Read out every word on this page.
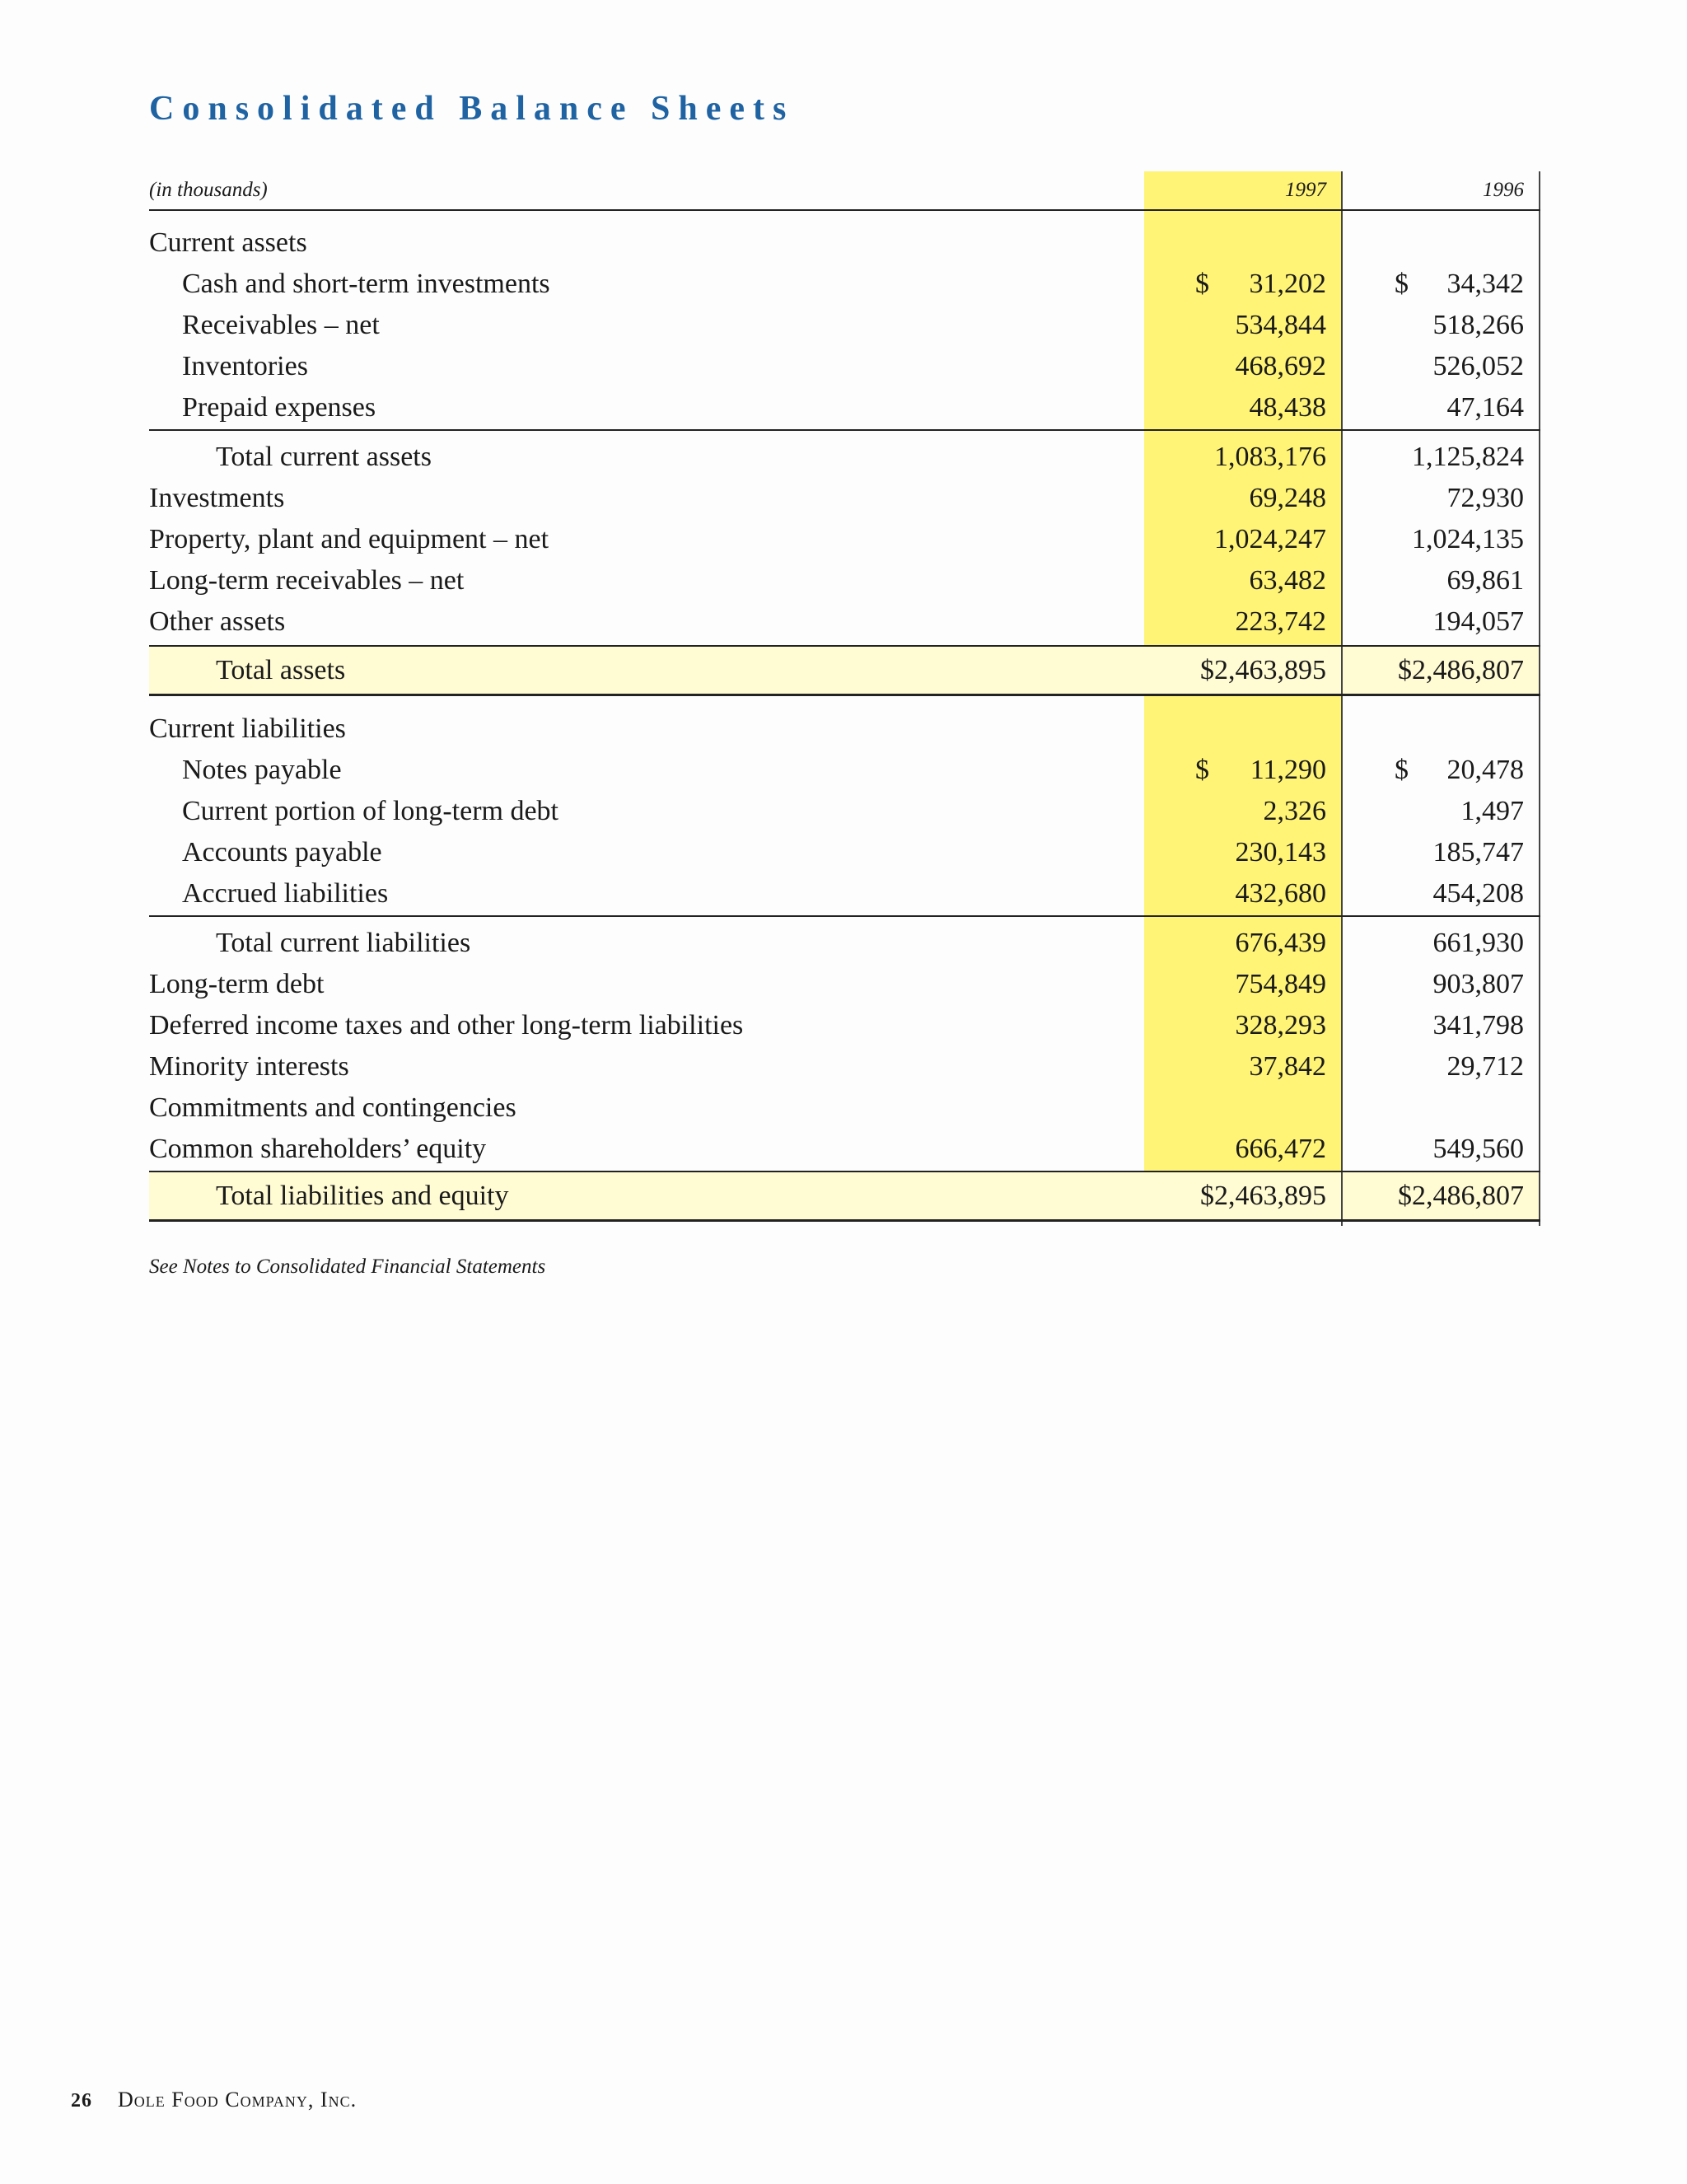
Consolidated Balance Sheets
(in thousands)	1997	1996
Current assets
Cash and short-term investments	$ 31,202 $ 34,342
Receivables – net	534,844	518,266
Inventories	468,692	526,052
Prepaid expenses	48,438	47,164
Total current assets	1,083,176	1,125,824
Investments	69,248	72,930
Property, plant and equipment – net	1,024,247	1,024,135
Long-term receivables – net	63,482	69,861
Other assets	223,742	194,057
Total assets	$2,463,895	$2,486,807
Current liabilities
Notes payable	$ 11,290 $ 20,478
Current portion of long-term debt	2,326	1,497
Accounts payable	230,143	185,747
Accrued liabilities	432,680	454,208
Total current liabilities	676,439	661,930
Long-term debt	754,849	903,807
Deferred income taxes and other long-term liabilities	328,293	341,798
Minority interests	37,842	29,712
Commitments and contingencies
Common shareholders’ equity	666,472	549,560
Total liabilities and equity	$2,463,895	$2,486,807
See Notes to Consolidated Financial Statements
26 Dole Food Company, Inc.
